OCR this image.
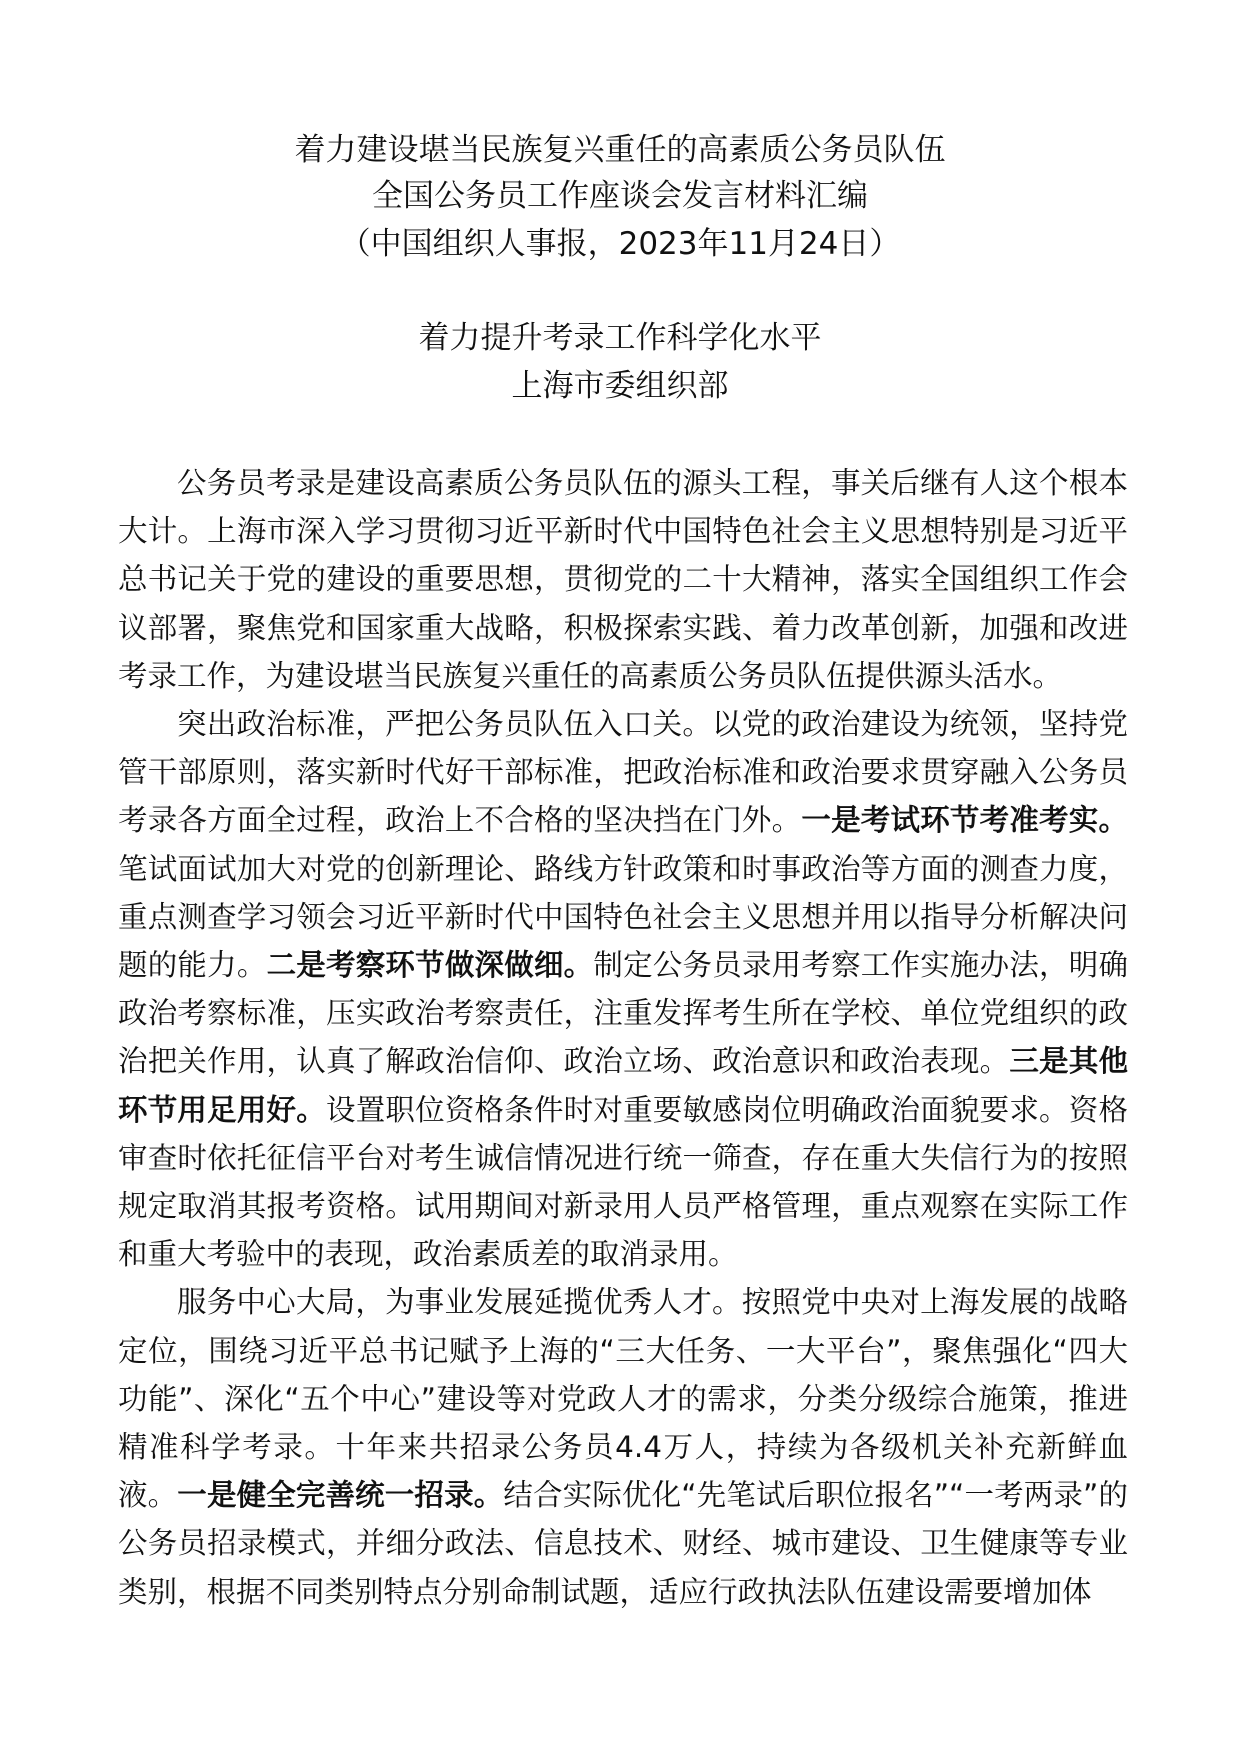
着力建设堪当民族复兴重任的高素质公务员队伍
全国公务员工作座谈会发言材料汇编
（中国组织人事报，2023年11月24日）
着力提升考录工作科学化水平
上海市委组织部

公务员考录是建设高素质公务员队伍的源头工程，事关后继有人这个根本大计。上海市深入学习贯彻习近平新时代中国特色社会主义思想特别是习近平总书记关于党的建设的重要思想，贯彻党的二十大精神，落实全国组织工作会议部署，聚焦党和国家重大战略，积极探索实践、着力改革创新，加强和改进考录工作，为建设堪当民族复兴重任的高素质公务员队伍提供源头活水。

突出政治标准，严把公务员队伍入口关。以党的政治建设为统领，坚持党管干部原则，落实新时代好干部标准，把政治标准和政治要求贯穿融入公务员考录各方面全过程，政治上不合格的坚决挡在门外。一是考试环节考准考实。笔试面试加大对党的创新理论、路线方针政策和时事政治等方面的测查力度，重点测查学习领会习近平新时代中国特色社会主义思想并用以指导分析解决问题的能力。二是考察环节做深做细。制定公务员录用考察工作实施办法，明确政治考察标准，压实政治考察责任，注重发挥考生所在学校、单位党组织的政治把关作用，认真了解政治信仰、政治立场、政治意识和政治表现。三是其他环节用足用好。设置职位资格条件时对重要敏感岗位明确政治面貌要求。资格审查时依托征信平台对考生诚信情况进行统一筛查，存在重大失信行为的按照规定取消其报考资格。试用期间对新录用人员严格管理，重点观察在实际工作和重大考验中的表现，政治素质差的取消录用。

服务中心大局，为事业发展延揽优秀人才。按照党中央对上海发展的战略定位，围绕习近平总书记赋予上海的“三大任务、一大平台”，聚焦强化“四大功能”、深化“五个中心”建设等对党政人才的需求，分类分级综合施策，推进精准科学考录。十年来共招录公务员4.4万人，持续为各级机关补充新鲜血液。一是健全完善统一招录。结合实际优化“先笔试后职位报名”“一考两录”的公务员招录模式，并细分政法、信息技术、财经、城市建设、卫生健康等专业类别，根据不同类别特点分别命制试题，适应行政执法队伍建设需要增加体
